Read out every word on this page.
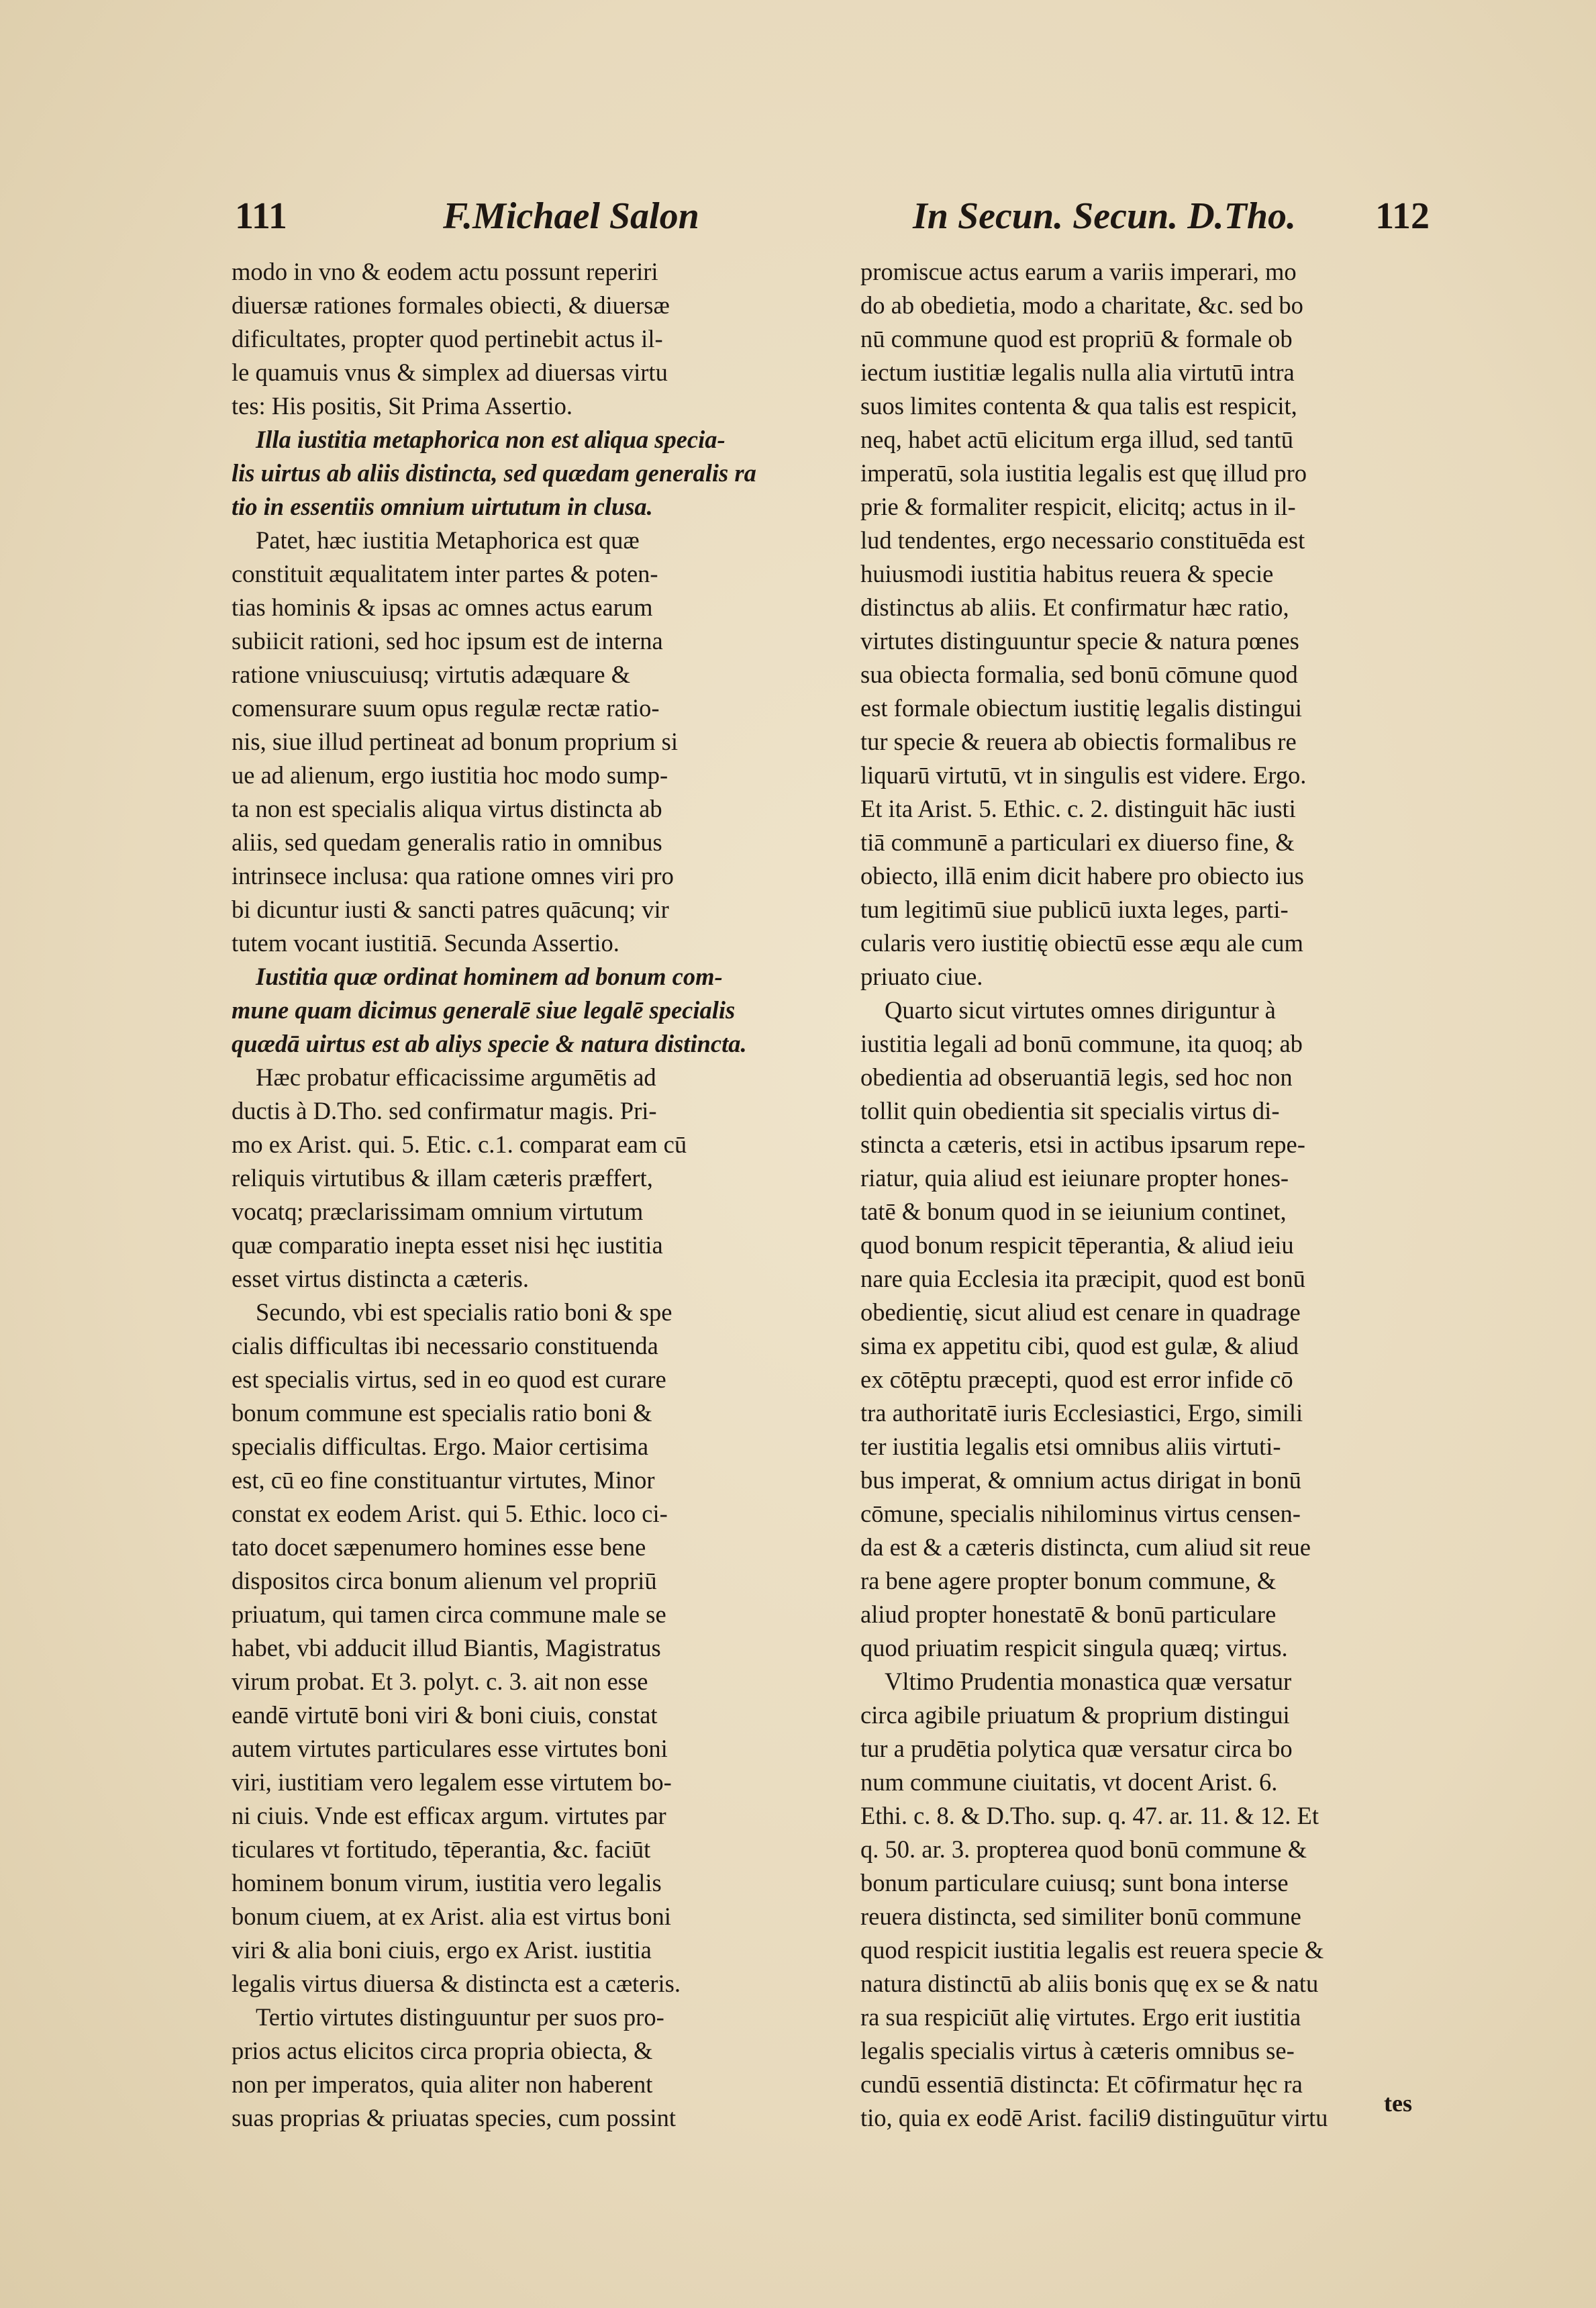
111	F.Michael Salon	In Secun. Secun. D.Tho. 112
modo in vno & eodem actu possunt reperiri
diuersæ rationes formales obiecti, & diuersæ
dificultates, propter quod pertinebit actus il-
le quamuis vnus & simplex ad diuersas virtu
tes: His positis, Sit Prima Assertio.
Illa iustitia metaphorica non est aliqua specia-
lis uirtus ab aliis distincta, sed quædam generalis ra
tio in essentiis omnium uirtutum in clusa.
Patet, hæc iustitia Metaphorica est quæ
constituit æqualitatem inter partes & poten-
tias hominis & ipsas ac omnes actus earum
subiicit rationi, sed hoc ipsum est de interna
ratione vniuscuiusq; virtutis adæquare &
comensurare suum opus regulæ rectæ ratio-
nis, siue illud pertineat ad bonum proprium si
ue ad alienum, ergo iustitia hoc modo sump-
ta non est specialis aliqua virtus distincta ab
aliis, sed quedam generalis ratio in omnibus
intrinsece inclusa: qua ratione omnes viri pro
bi dicuntur iusti & sancti patres quācunq; vir
tutem vocant iustitiā. Secunda Assertio.
Iustitia quæ ordinat hominem ad bonum com-
mune quam dicimus generalē siue legalē specialis
quædā uirtus est ab aliys specie & natura distincta.
Hæc probatur efficacissime argumētis ad
ductis à D.Tho. sed confirmatur magis. Pri-
mo ex Arist. qui. 5. Etic. c.1. comparat eam cū
reliquis virtutibus & illam cæteris præffert,
vocatq; præclarissimam omnium virtutum
quæ comparatio inepta esset nisi hęc iustitia
esset virtus distincta a cæteris.
Secundo, vbi est specialis ratio boni & spe
cialis difficultas ibi necessario constituenda
est specialis virtus, sed in eo quod est curare
bonum commune est specialis ratio boni &
specialis difficultas. Ergo. Maior certisima
est, cū eo fine constituantur virtutes, Minor
constat ex eodem Arist. qui 5. Ethic. loco ci-
tato docet sæpenumero homines esse bene
dispositos circa bonum alienum vel propriū
priuatum, qui tamen circa commune male se
habet, vbi adducit illud Biantis, Magistratus
virum probat. Et 3. polyt. c. 3. ait non esse
eandē virtutē boni viri & boni ciuis, constat
autem virtutes particulares esse virtutes boni
viri, iustitiam vero legalem esse virtutem bo-
ni ciuis. Vnde est efficax argum. virtutes par
ticulares vt fortitudo, tēperantia, &c. faciūt
hominem bonum virum, iustitia vero legalis
bonum ciuem, at ex Arist. alia est virtus boni
viri & alia boni ciuis, ergo ex Arist. iustitia
legalis virtus diuersa & distincta est a cæteris.
Tertio virtutes distinguuntur per suos pro-
prios actus elicitos circa propria obiecta, &
non per imperatos, quia aliter non haberent
suas proprias & priuatas species, cum possint
promiscue actus earum a variis imperari, mo
do ab obedietia, modo a charitate, &c. sed bo
nū commune quod est propriū & formale ob
iectum iustitiæ legalis nulla alia virtutū intra
suos limites contenta & qua talis est respicit,
neq, habet actū elicitum erga illud, sed tantū
imperatū, sola iustitia legalis est quę illud pro
prie & formaliter respicit, elicitq; actus in il-
lud tendentes, ergo necessario constituēda est
huiusmodi iustitia habitus reuera & specie
distinctus ab aliis. Et confirmatur hæc ratio,
virtutes distinguuntur specie & natura pœnes
sua obiecta formalia, sed bonū cōmune quod
est formale obiectum iustitię legalis distingui
tur specie & reuera ab obiectis formalibus re
liquarū virtutū, vt in singulis est videre. Ergo.
Et ita Arist. 5. Ethic. c. 2. distinguit hāc iusti
tiā communē a particulari ex diuerso fine, &
obiecto, illā enim dicit habere pro obiecto ius
tum legitimū siue publicū iuxta leges, parti-
cularis vero iustitię obiectū esse æqu ale cum
priuato ciue.
Quarto sicut virtutes omnes diriguntur à
iustitia legali ad bonū commune, ita quoq; ab
obedientia ad obseruantiā legis, sed hoc non
tollit quin obedientia sit specialis virtus di-
stincta a cæteris, etsi in actibus ipsarum repe-
riatur, quia aliud est ieiunare propter hones-
tatē & bonum quod in se ieiunium continet,
quod bonum respicit tēperantia, & aliud ieiu
nare quia Ecclesia ita præcipit, quod est bonū
obedientię, sicut aliud est cenare in quadrage
sima ex appetitu cibi, quod est gulæ, & aliud
ex cōtēptu præcepti, quod est error infide cō
tra authoritatē iuris Ecclesiastici, Ergo, simili
ter iustitia legalis etsi omnibus aliis virtuti-
bus imperat, & omnium actus dirigat in bonū
cōmune, specialis nihilominus virtus censen-
da est & a cæteris distincta, cum aliud sit reue
ra bene agere propter bonum commune, &
aliud propter honestatē & bonū particulare
quod priuatim respicit singula quæq; virtus.
Vltimo Prudentia monastica quæ versatur
circa agibile priuatum & proprium distingui
tur a prudētia polytica quæ versatur circa bo
num commune ciuitatis, vt docent Arist. 6.
Ethi. c. 8. & D.Tho. sup. q. 47. ar. 11. & 12. Et
q. 50. ar. 3. propterea quod bonū commune &
bonum particulare cuiusq; sunt bona interse
reuera distincta, sed similiter bonū commune
quod respicit iustitia legalis est reuera specie &
natura distinctū ab aliis bonis quę ex se & natu
ra sua respiciūt alię virtutes. Ergo erit iustitia
legalis specialis virtus à cæteris omnibus se-
cundū essentiā distincta: Et cōfirmatur hęc ra
tio, quia ex eodē Arist. facili9 distinguūtur virtu
tes
